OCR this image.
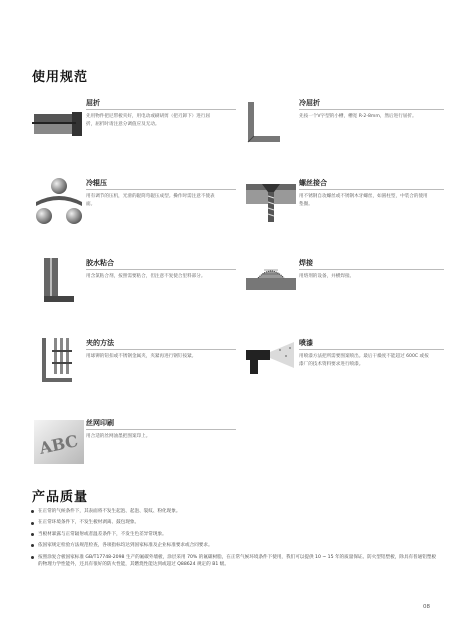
使用规范
屈折
先用物件把尼带板夹好，用电动或刷胡剪（把刃卸下）进行屈折，屈折时请注意分调值应及无动。
冷屈折
先按一个V字型的小槽，槽宽 R-2-8mm，然后进行屈折。
冷辊压
用有调节的压机，光滑的辊筒弯辊压成型。操作时需注意不使表面。
螺丝接合
用不锈钢自攻螺丝或不锈钢木牙螺丝，如圆柱型，中装合的使用垫圈。
胶水粘合
用含氯粘合剂，按照需要粘合，但注意不复使合里料部分。
焊接
用熔剂的设备，并横焊接。
夹的方法
用球铆的钮扣或不锈钢金属夹，夹紧再进行钢钉按紧。
喷漆
用喷漆方法把所需要图案喷出。最后干燥度不能超过 600C 或按漆厂的技术资料要求进行喷漆。
ABC
丝网印刷
用合适的丝网油墨把图案印上。
产品质量
在正常的气候条件下，其表面将不发生起泡、起泡、裂纹、粉化现象。
在正常环境条件下，不发生板材剥离、鼓包现象。
当板材暴露与正常辐射或者温差条件下，不发生色差异常现象。
依国家规定检验方法规范检查，各项指标均达到国家标准及企业标准要求或合同要求。
按照涂复合板国家标准 GB/T17748-2098 生产的氟碳外墙板，涂层采用 70% 的氟碳树脂，在正常气候环境条件下使用，我们可以提供 10 ~ 15 年的质量保证。防火型铝塑板，除具有普通铝塑板的物理力学性能外，还具有很好的防火性能，其燃烧性能达到或超过 Q88624 规定的 B1 级。
08
